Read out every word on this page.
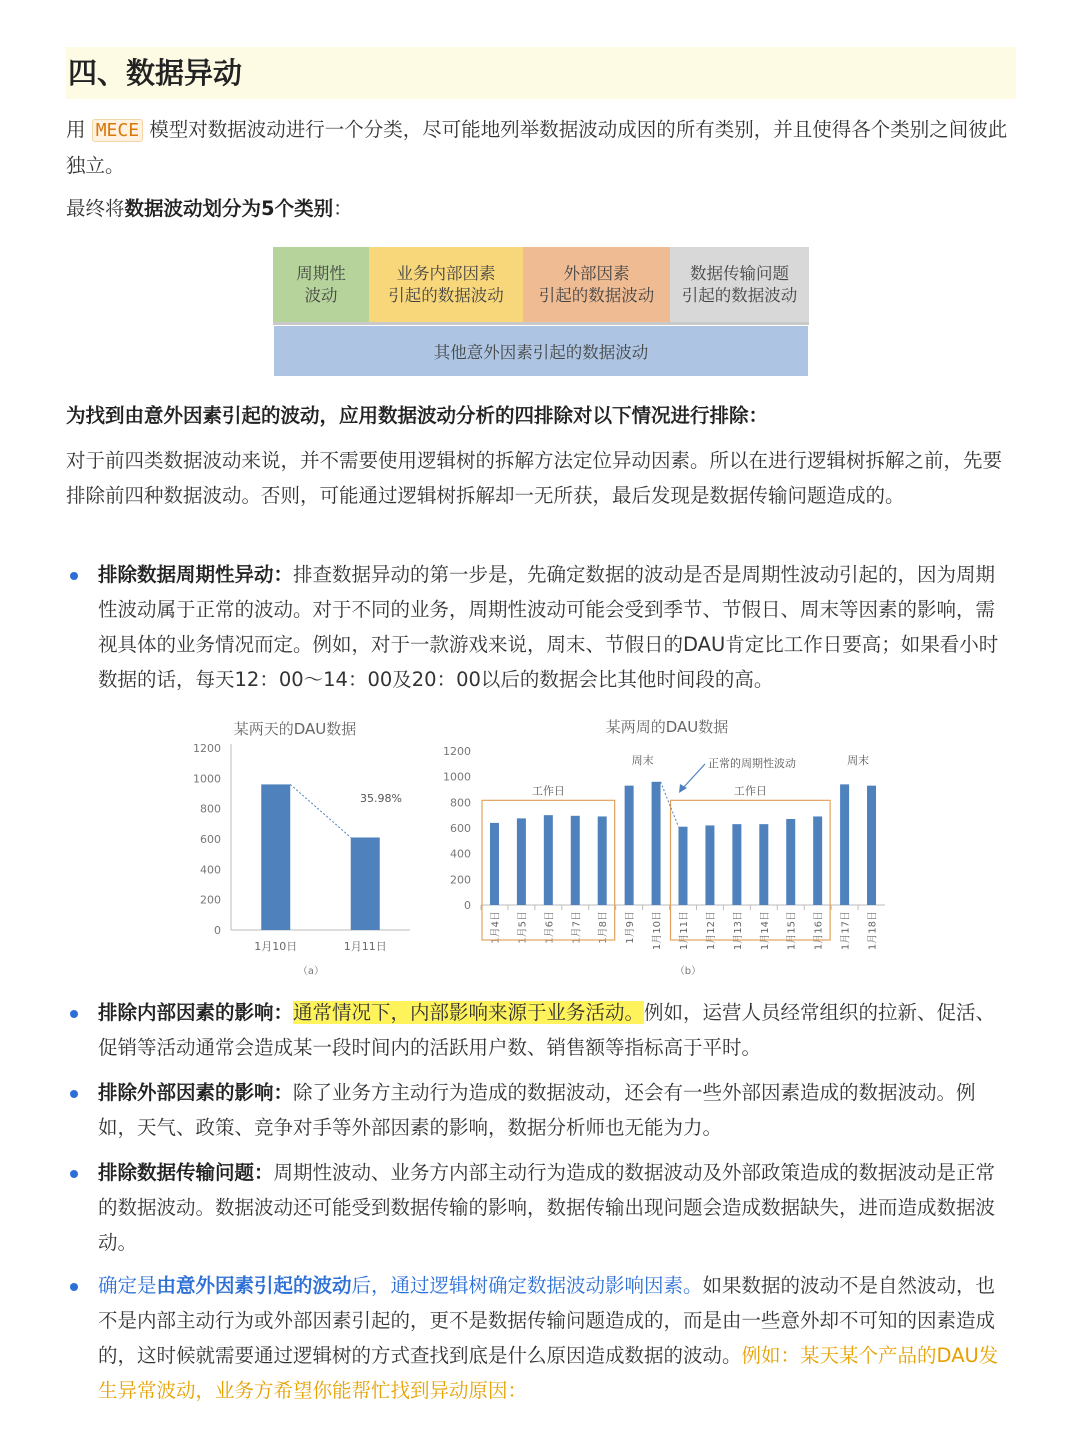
四、数据异动

用 MECE 模型对数据波动进行一个分类，尽可能地列举数据波动成因的所有类别，并且使得各个类别之间彼此独立。

最终将数据波动划分为5个类别：

周期性
波动
业务内部因素
引起的数据波动
外部因素
引起的数据波动
数据传输问题
引起的数据波动
其他意外因素引起的数据波动

为找到由意外因素引起的波动，应用数据波动分析的四排除对以下情况进行排除：

对于前四类数据波动来说，并不需要使用逻辑树的拆解方法定位异动因素。所以在进行逻辑树拆解之前，先要排除前四种数据波动。否则，可能通过逻辑树拆解却一无所获，最后发现是数据传输问题造成的。

排除数据周期性异动：排查数据异动的第一步是，先确定数据的波动是否是周期性波动引起的，因为周期性波动属于正常的波动。对于不同的业务，周期性波动可能会受到季节、节假日、周末等因素的影响，需视具体的业务情况而定。例如，对于一款游戏来说，周末、节假日的DAU肯定比工作日要高；如果看小时数据的话，每天12：00～14：00及20：00以后的数据会比其他时间段的高。

某两天的DAU数据
0
200
400
600
800
1000
1200
1月10日	1月11日
35.98%
（a）
某两周的DAU数据
0
200
400
600
800
1000
1200
1月4日 1月5日 1月6日 1月7日 1月8日 1月9日 1月10日 1月11日 1月12日 1月13日 1月14日 1月15日 1月16日 1月17日 1月18日
工作日	工作日
周末	周末
正常的周期性波动
（b）

排除内部因素的影响：通常情况下，内部影响来源于业务活动。例如，运营人员经常组织的拉新、促活、促销等活动通常会造成某一段时间内的活跃用户数、销售额等指标高于平时。

排除外部因素的影响：除了业务方主动行为造成的数据波动，还会有一些外部因素造成的数据波动。例如，天气、政策、竞争对手等外部因素的影响，数据分析师也无能为力。

排除数据传输问题：周期性波动、业务方内部主动行为造成的数据波动及外部政策造成的数据波动是正常的数据波动。数据波动还可能受到数据传输的影响，数据传输出现问题会造成数据缺失，进而造成数据波动。

确定是由意外因素引起的波动后，通过逻辑树确定数据波动影响因素。如果数据的波动不是自然波动，也不是内部主动行为或外部因素引起的，更不是数据传输问题造成的，而是由一些意外却不可知的因素造成的，这时候就需要通过逻辑树的方式查找到底是什么原因造成数据的波动。例如：某天某个产品的DAU发生异常波动，业务方希望你能帮忙找到异动原因：
